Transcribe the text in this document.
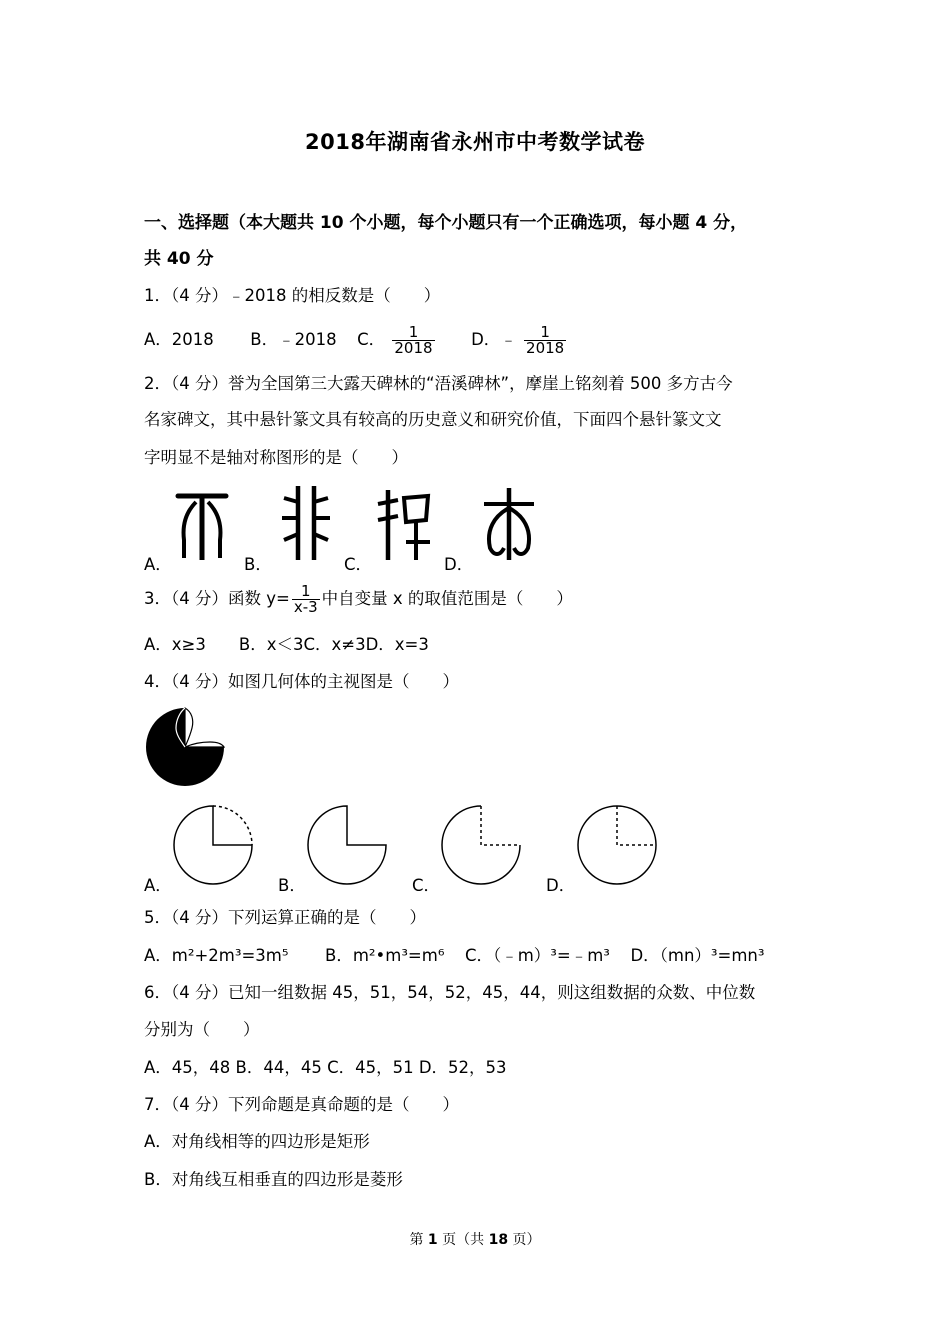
2018年湖南省永州市中考数学试卷
一、选择题（本大题共 10 个小题，每个小题只有一个正确选项，每小题 4 分，
共 40 分
1．（4 分）﹣2018 的相反数是（　　）
A．2018 B．﹣2018 C． $\frac{1}{2018}$ D．﹣ $\frac{1}{2018}$
2．（4 分）誉为全国第三大露天碑林的“浯溪碑林”，摩崖上铭刻着 500 多方古今
名家碑文，其中悬针篆文具有较高的历史意义和研究价值，下面四个悬针篆文文
字明显不是轴对称图形的是（　　）
A．	B．	C．	D．
3．（4 分）函数 $y= \frac{1}{x-3}$ 中自变量 x 的取值范围是（　　）
A．x≥3　　B．x＜3C．x≠3D．x=3
4．（4 分）如图几何体的主视图是（　　）
A．	B．	C．	D．
5．（4 分）下列运算正确的是（　　）
A．m²+2m³=3m⁵ B．m²•m³=m⁶ C．（﹣m）³=﹣m³ D．（mn）³=mn³
6．（4 分）已知一组数据 45，51，54，52，45，44，则这组数据的众数、中位数
分别为（　　）
A．45，48 B．44，45 C．45，51 D．52，53
7．（4 分）下列命题是真命题的是（　　）
A．对角线相等的四边形是矩形
B．对角线互相垂直的四边形是菱形
第 1 页（共 18 页）
